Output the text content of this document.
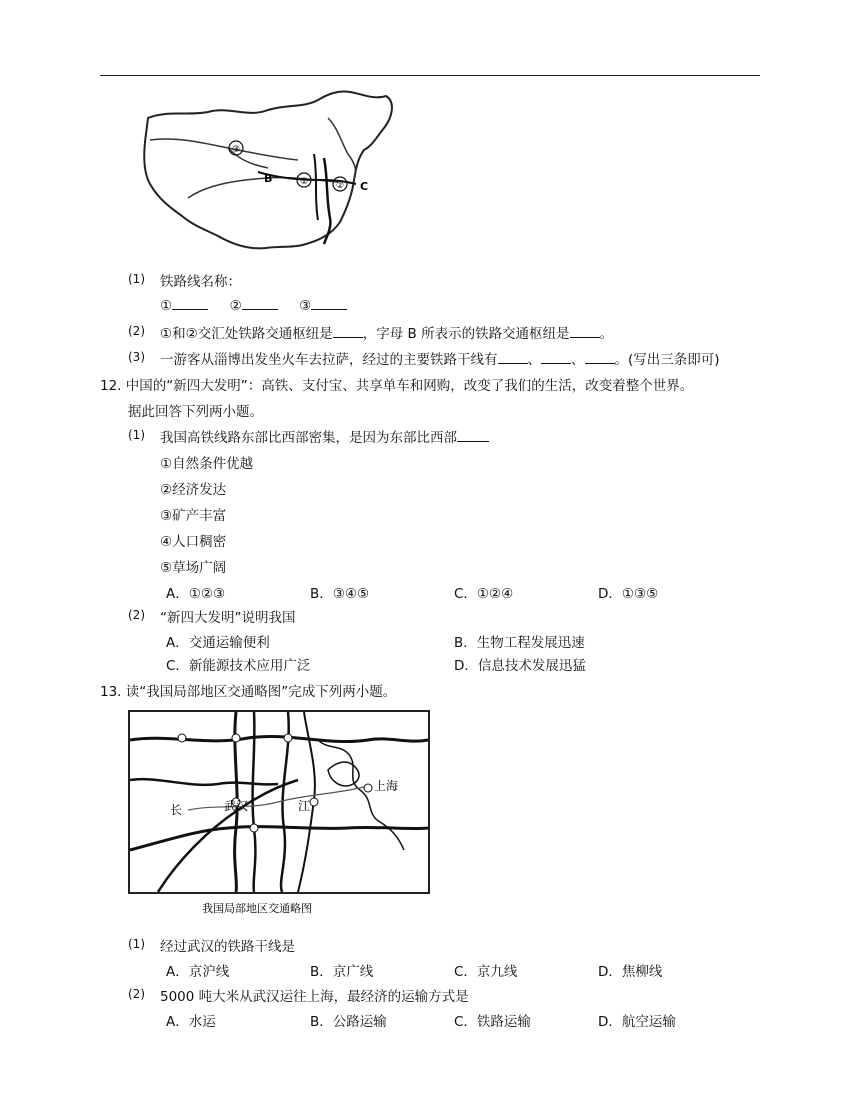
③
①	②
B
C
(1) 铁路线名称：
①	②	③
(2) ①和②交汇处铁路交通枢纽是 ，字母 B 所表示的铁路交通枢纽是 。
(3) 一游客从淄博出发坐火车去拉萨，经过的主要铁路干线有 、 、 。(写出三条即可)
12. 中国的“新四大发明”：高铁、支付宝、共享单车和网购，改变了我们的生活，改变着整个世界。
据此回答下列两小题。
(1) 我国高铁线路东部比西部密集，是因为东部比西部
①自然条件优越
②经济发达
③矿产丰富
④人口稠密
⑤草场广阔
A．①②③	B．③④⑤	C．①②④	D．①③⑤
(2) “新四大发明”说明我国
A．交通运输便利	B．生物工程发展迅速
C．新能源技术应用广泛	D．信息技术发展迅猛
13. 读“我国局部地区交通略图”完成下列两小题。
长	武汉	江
上海
我国局部地区交通略图
(1) 经过武汉的铁路干线是
A．京沪线	B．京广线	C．京九线	D．焦柳线
(2) 5000 吨大米从武汉运往上海，最经济的运输方式是
A．水运	B．公路运输	C．铁路运输	D．航空运输
